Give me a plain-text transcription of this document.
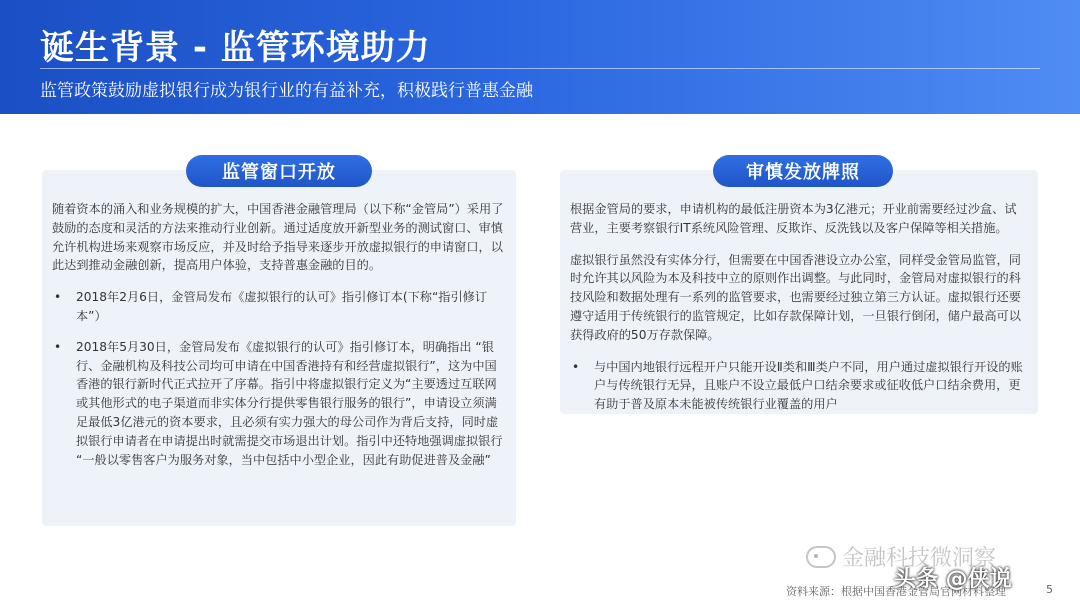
诞生背景 - 监管环境助力
监管政策鼓励虚拟银行成为银行业的有益补充，积极践行普惠金融

随着资本的涌入和业务规模的扩大，中国香港金融管理局（以下称“金管局”）采用了鼓励的态度和灵活的方法来推动行业创新。通过适度放开新型业务的测试窗口、审慎允许机构进场来观察市场反应，并及时给予指导来逐步开放虚拟银行的申请窗口，以此达到推动金融创新，提高用户体验，支持普惠金融的目的。

• 2018年2月6日，金管局发布《虚拟银行的认可》指引修订本(下称“指引修订本”）
• 2018年5月30日，金管局发布《虚拟银行的认可》指引修订本，明确指出 “银行、金融机构及科技公司均可申请在中国香港持有和经营虚拟银行”，这为中国香港的银行新时代正式拉开了序幕。指引中将虚拟银行定义为“主要透过互联网或其他形式的电子渠道而非实体分行提供零售银行服务的银行”，申请设立须满足最低3亿港元的资本要求，且必须有实力强大的母公司作为背后支持，同时虚拟银行申请者在申请提出时就需提交市场退出计划。指引中还特地强调虚拟银行 “一般以零售客户为服务对象，当中包括中小型企业，因此有助促进普及金融”
监管窗口开放

根据金管局的要求，申请机构的最低注册资本为3亿港元；开业前需要经过沙盒、试营业，主要考察银行IT系统风险管理、反欺诈、反洗钱以及客户保障等相关措施。

虚拟银行虽然没有实体分行，但需要在中国香港设立办公室，同样受金管局监管，同时允许其以风险为本及科技中立的原则作出调整。与此同时，金管局对虚拟银行的科技风险和数据处理有一系列的监管要求，也需要经过独立第三方认证。虚拟银行还要遵守适用于传统银行的监管规定，比如存款保障计划，一旦银行倒闭，储户最高可以获得政府的50万存款保障。

• 与中国内地银行远程开户只能开设Ⅱ类和Ⅲ类户不同，用户通过虚拟银行开设的账户与传统银行无异，且账户不设立最低户口结余要求或征收低户口结余费用，更有助于普及原本未能被传统银行业覆盖的用户
审慎发放牌照
金融科技微洞察
资料来源：根据中国香港金管局官网材料整理
头条 @侠说	5
